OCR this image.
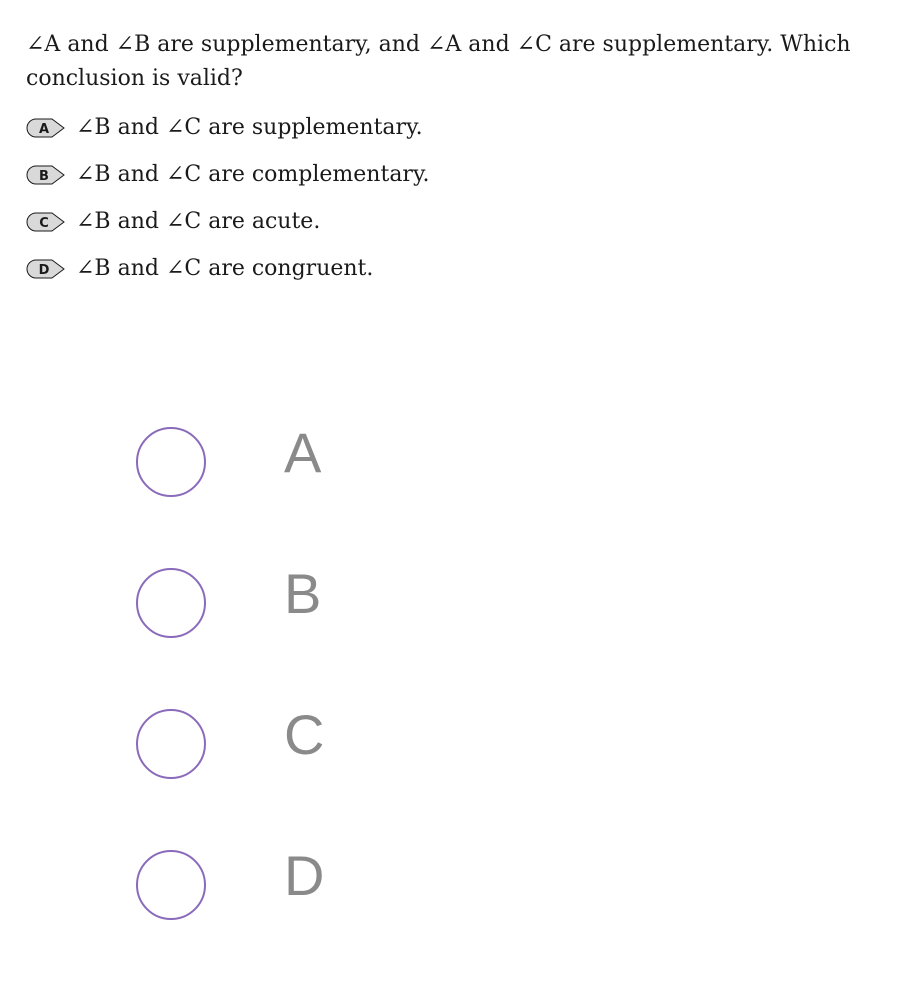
∠A and ∠B are supplementary, and ∠A and ∠C are supplementary. Which conclusion is valid?

A ∠B and ∠C are supplementary.
B ∠B and ∠C are complementary.
C ∠B and ∠C are acute.
D ∠B and ∠C are congruent.
A
B
C
D
